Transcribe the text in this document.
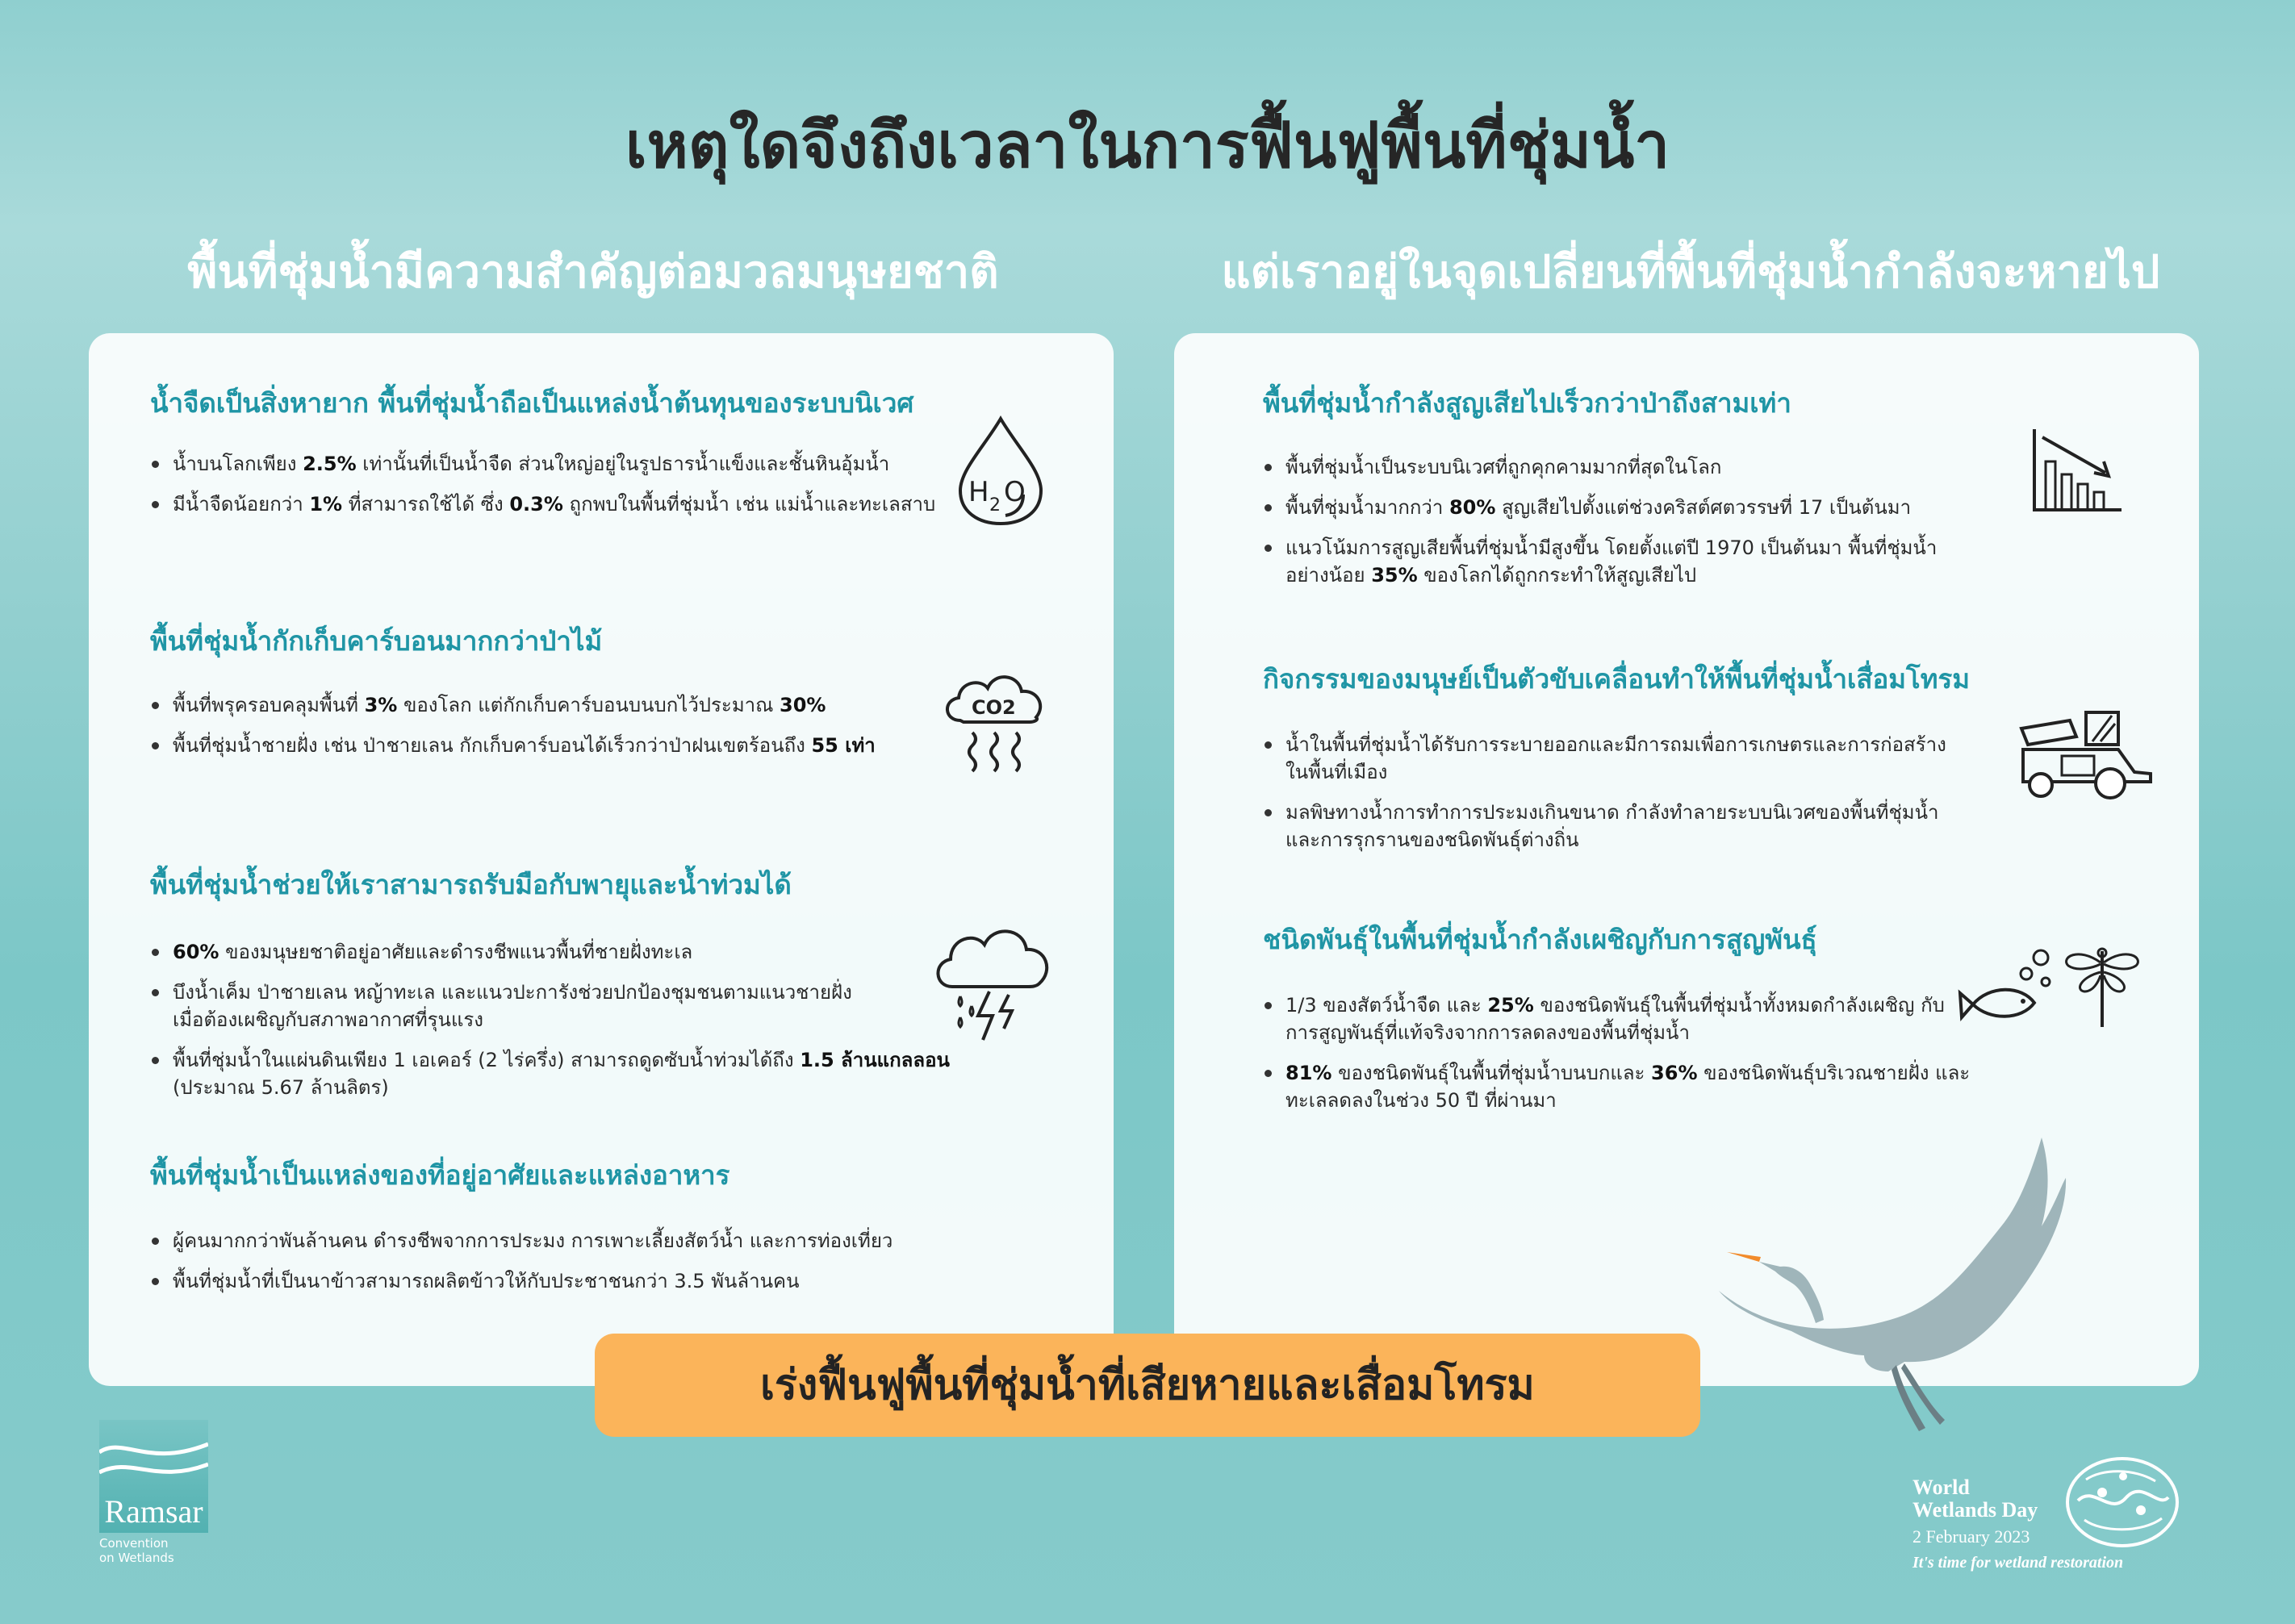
เหตุใดจึงถึงเวลาในการฟื้นฟูพื้นที่ชุ่มน้ำ
พื้นที่ชุ่มน้ำมีความสำคัญต่อมวลมนุษยชาติ	แต่เราอยู่ในจุดเปลี่ยนที่พื้นที่ชุ่มน้ำกำลังจะหายไป
น้ำจืดเป็นสิ่งหายาก พื้นที่ชุ่มน้ำถือเป็นแหล่งน้ำต้นทุนของระบบนิเวศ
น้ำบนโลกเพียง 2.5% เท่านั้นที่เป็นน้ำจืด ส่วนใหญ่อยู่ในรูปธารน้ำแข็งและชั้นหินอุ้มน้ำ
มีน้ำจืดน้อยกว่า 1% ที่สามารถใช้ได้ ซึ่ง 0.3% ถูกพบในพื้นที่ชุ่มน้ำ เช่น แม่น้ำและทะเลสาบ H 2 O
พื้นที่ชุ่มน้ำกักเก็บคาร์บอนมากกว่าป่าไม้
พื้นที่พรุครอบคลุมพื้นที่ 3% ของโลก แต่กักเก็บคาร์บอนบนบกไว้ประมาณ 30%
พื้นที่ชุ่มน้ำชายฝั่ง เช่น ป่าชายเลน กักเก็บคาร์บอนได้เร็วกว่าป่าฝนเขตร้อนถึง 55 เท่า
CO2
พื้นที่ชุ่มน้ำช่วยให้เราสามารถรับมือกับพายุและน้ำท่วมได้
60% ของมนุษยชาติอยู่อาศัยและดำรงชีพแนวพื้นที่ชายฝั่งทะเล
บึงน้ำเค็ม ป่าชายเลน หญ้าทะเล และแนวปะการังช่วยปกป้องชุมชนตามแนวชายฝั่ง เมื่อต้องเผชิญกับสภาพอากาศที่รุนแรง
พื้นที่ชุ่มน้ำในแผ่นดินเพียง 1 เอเคอร์ (2 ไร่ครึ่ง) สามารถดูดซับน้ำท่วมได้ถึง 1.5 ล้านแกลลอน (ประมาณ 5.67 ล้านลิตร)
พื้นที่ชุ่มน้ำเป็นแหล่งของที่อยู่อาศัยและแหล่งอาหาร
ผู้คนมากกว่าพันล้านคน ดำรงชีพจากการประมง การเพาะเลี้ยงสัตว์น้ำ และการท่องเที่ยว
พื้นที่ชุ่มน้ำที่เป็นนาข้าวสามารถผลิตข้าวให้กับประชาชนกว่า 3.5 พันล้านคน
พื้นที่ชุ่มน้ำกำลังสูญเสียไปเร็วกว่าป่าถึงสามเท่า
พื้นที่ชุ่มน้ำเป็นระบบนิเวศที่ถูกคุกคามมากที่สุดในโลก
พื้นที่ชุ่มน้ำมากกว่า 80% สูญเสียไปตั้งแต่ช่วงคริสต์ศตวรรษที่ 17 เป็นต้นมา
แนวโน้มการสูญเสียพื้นที่ชุ่มน้ำมีสูงขึ้น โดยตั้งแต่ปี 1970 เป็นต้นมา พื้นที่ชุ่มน้ำ อย่างน้อย 35% ของโลกได้ถูกกระทำให้สูญเสียไป
กิจกรรมของมนุษย์เป็นตัวขับเคลื่อนทำให้พื้นที่ชุ่มน้ำเสื่อมโทรม
น้ำในพื้นที่ชุ่มน้ำได้รับการระบายออกและมีการถมเพื่อการเกษตรและการก่อสร้าง ในพื้นที่เมือง
มลพิษทางน้ำการทำการประมงเกินขนาด กำลังทำลายระบบนิเวศของพื้นที่ชุ่มน้ำ และการรุกรานของชนิดพันธุ์ต่างถิ่น
ชนิดพันธุ์ในพื้นที่ชุ่มน้ำกำลังเผชิญกับการสูญพันธุ์
1/3 ของสัตว์น้ำจืด และ 25% ของชนิดพันธุ์ในพื้นที่ชุ่มน้ำทั้งหมดกำลังเผชิญ กับการสูญพันธุ์ที่แท้จริงจากการลดลงของพื้นที่ชุ่มน้ำ
81% ของชนิดพันธุ์ในพื้นที่ชุ่มน้ำบนบกและ 36% ของชนิดพันธุ์บริเวณชายฝั่ง และทะเลลดลงในช่วง 50 ปี ที่ผ่านมา
เร่งฟื้นฟูพื้นที่ชุ่มน้ำที่เสียหายและเสื่อมโทรม
Ramsar
Convention
on Wetlands
World
Wetlands Day
2 February 2023
It's time for wetland restoration
